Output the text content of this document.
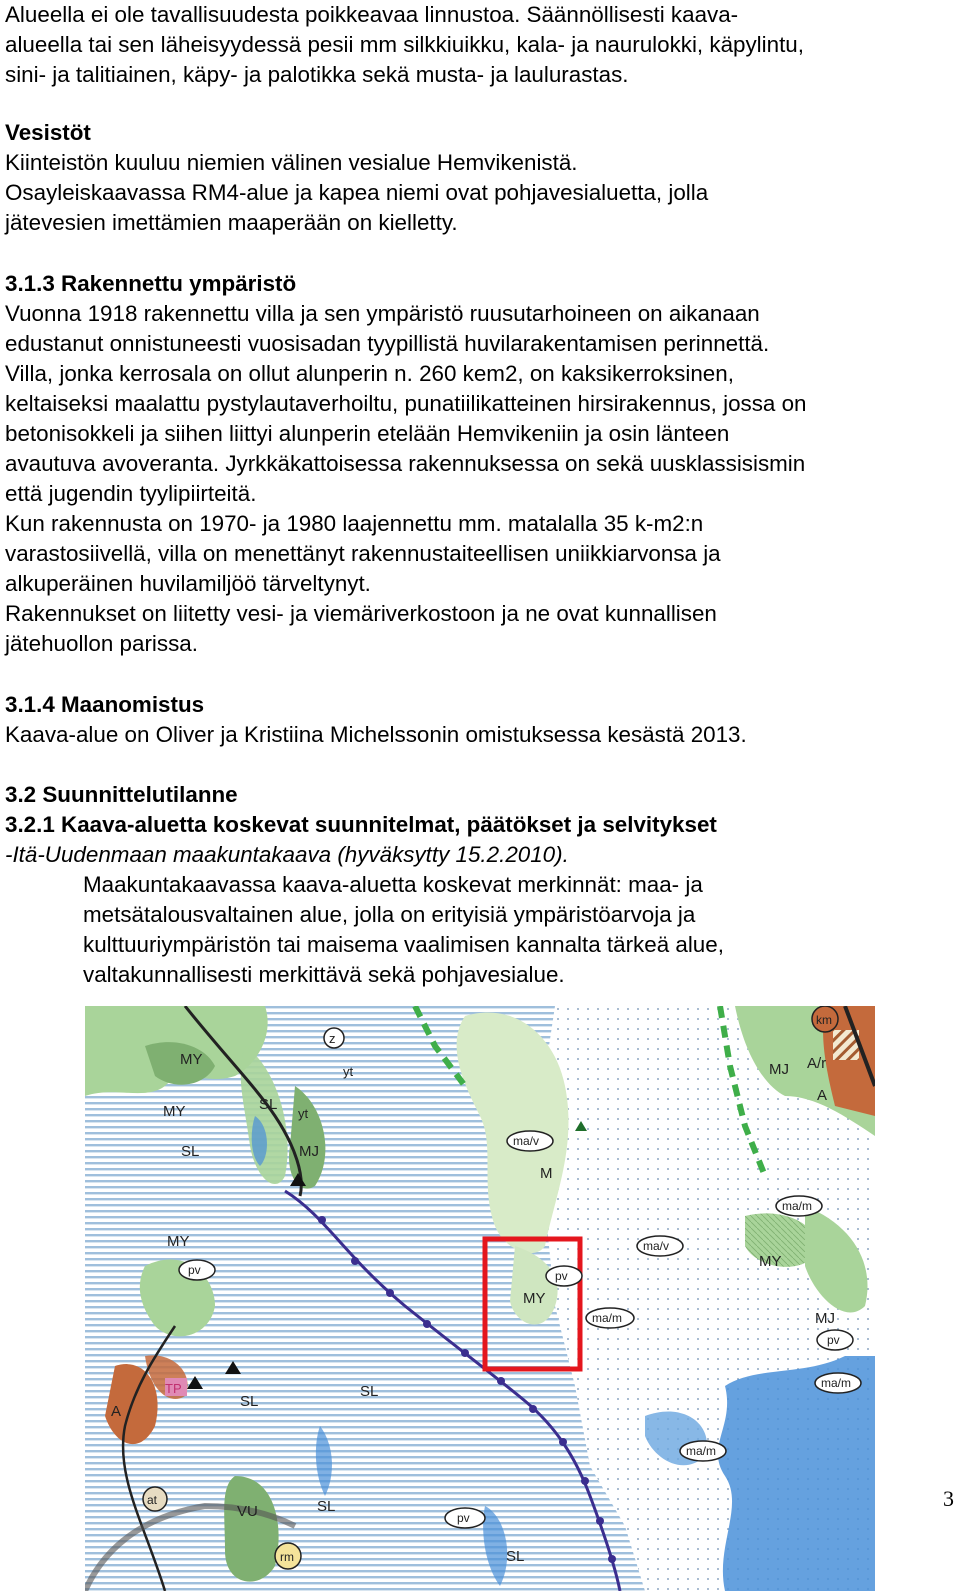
Alueella ei ole tavallisuudesta poikkeavaa linnustoa. Säännöllisesti kaava-
alueella tai sen läheisyydessä pesii mm silkkiuikku, kala- ja naurulokki, käpylintu,
sini- ja talitiainen, käpy- ja palotikka sekä musta- ja laulurastas.
Vesistöt
Kiinteistön kuuluu niemien välinen vesialue Hemvikenistä.
Osayleiskaavassa RM4-alue ja kapea niemi ovat pohjavesialuetta, jolla
jätevesien imettämien maaperään on kielletty.
3.1.3 Rakennettu ympäristö
Vuonna 1918 rakennettu villa ja sen ympäristö ruusutarhoineen on aikanaan
edustanut onnistuneesti vuosisadan tyypillistä huvilarakentamisen perinnettä.
Villa, jonka kerrosala on ollut alunperin n. 260 kem2, on kaksikerroksinen,
keltaiseksi maalattu pystylautaverhoiltu, punatiilikatteinen hirsirakennus, jossa on
betonisokkeli ja siihen liittyi alunperin etelään Hemvikeniin ja osin länteen
avautuva avoveranta. Jyrkkäkattoisessa rakennuksessa on sekä uusklassisismin
että jugendin tyylipiirteitä.
Kun rakennusta on 1970- ja 1980 laajennettu mm. matalalla 35 k-m2:n
varastosiivellä, villa on menettänyt rakennustaiteellisen uniikkiarvonsa ja
alkuperäinen huvilamiljöö tärveltynyt.
Rakennukset on liitetty vesi- ja viemäriverkostoon ja ne ovat kunnallisen
jätehuollon parissa.
3.1.4 Maanomistus
Kaava-alue on Oliver ja Kristiina Michelssonin omistuksessa kesästä 2013.
3.2 Suunnittelutilanne
3.2.1 Kaava-aluetta koskevat suunnitelmat, päätökset ja selvitykset
-Itä-Uudenmaan maakuntakaava (hyväksytty 15.2.2010).
Maakuntakaavassa kaava-aluetta koskevat merkinnät: maa- ja
metsätalousvaltainen alue, jolla on erityisiä ympäristöarvoja ja
kulttuuriympäristön tai maisema vaalimisen kannalta tärkeä alue,
valtakunnallisesti merkittävä sekä pohjavesialue.
MY
MY
MY
SL
SL	MJ
z
yt
yt
ma/v
M
ma/v
pv	pv
MY
ma/m
ma/m
MY
MJ
pv
ma/m
ma/m
SL
SL
SL
SL
TP
A
at
VU
rm
pv
km
MJ A/r
A
3
